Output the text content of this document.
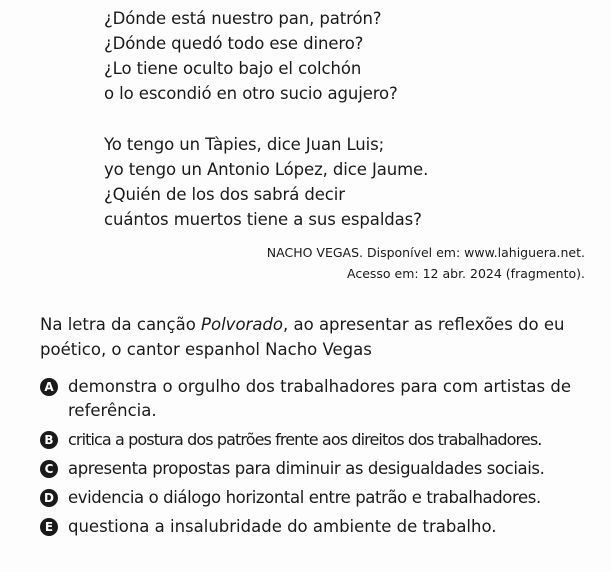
¿Dónde está nuestro pan, patrón?
¿Dónde quedó todo ese dinero?
¿Lo tiene oculto bajo el colchón
o lo escondió en otro sucio agujero?
Yo tengo un Tàpies, dice Juan Luis;
yo tengo un Antonio López, dice Jaume.
¿Quién de los dos sabrá decir
cuántos muertos tiene a sus espaldas?
NACHO VEGAS. Disponível em: www.lahiguera.net.
Acesso em: 12 abr. 2024 (fragmento).

Na letra da canção Polvorado, ao apresentar as reflexões do eu poético, o cantor espanhol Nacho Vegas

A demonstra o orgulho dos trabalhadores para com artistas de referência.
B critica a postura dos patrões frente aos direitos dos trabalhadores.
C apresenta propostas para diminuir as desigualdades sociais.
D evidencia o diálogo horizontal entre patrão e trabalhadores.
E questiona a insalubridade do ambiente de trabalho.
